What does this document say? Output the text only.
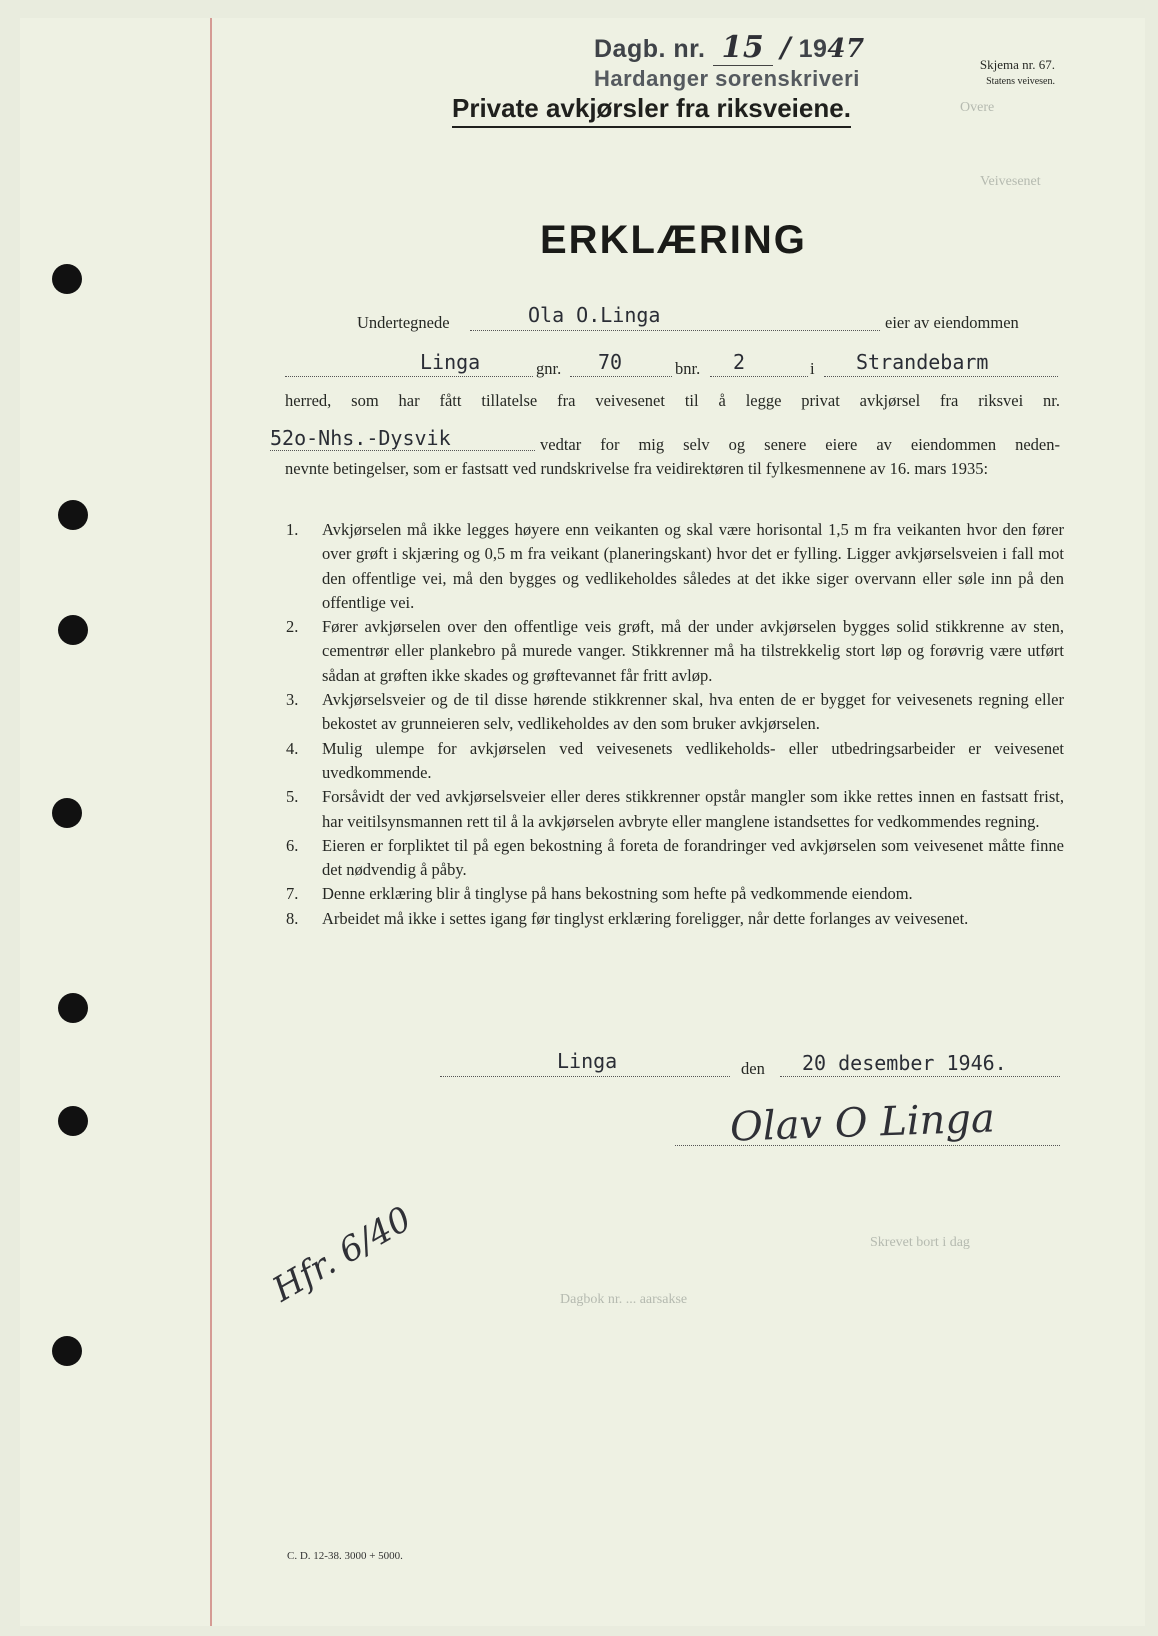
Dagb. nr. 15 / 1947
Hardanger sorenskriveri
Private avkjørsler fra riksveiene.
Skjema nr. 67.
Statens veivesen.
Overe
Veivesenet
ERKLÆRING
Undertegnede	Ola O.Linga	eier av eiendommen
Linga	gnr. 70	bnr. 2	i Strandebarm
herred, som har fått tillatelse fra veivesenet til å legge privat avkjørsel fra riksvei nr.
52o-Nhs.-Dysvik	vedtar for mig selv og senere eiere av eiendommen neden-
nevnte betingelser, som er fastsatt ved rundskrivelse fra veidirektøren til fylkesmennene av 16. mars 1935:
1.	Avkjørselen må ikke legges høyere enn veikanten og skal være horisontal 1,5 m fra veikanten hvor den fører over grøft i skjæring og 0,5 m fra veikant (planeringskant) hvor det er fylling. Ligger avkjørselsveien i fall mot den offentlige vei, må den bygges og vedlikeholdes således at det ikke siger overvann eller søle inn på den offentlige vei.
2.	Fører avkjørselen over den offentlige veis grøft, må der under avkjørselen bygges solid stikkrenne av sten, cementrør eller plankebro på murede vanger. Stikkrenner må ha tilstrekkelig stort løp og forøvrig være utført sådan at grøften ikke skades og grøftevannet får fritt avløp.
3.	Avkjørselsveier og de til disse hørende stikkrenner skal, hva enten de er bygget for veivesenets regning eller bekostet av grunneieren selv, vedlikeholdes av den som bruker avkjørselen.
4.	Mulig ulempe for avkjørselen ved veivesenets vedlikeholds- eller utbedringsarbeider er veivesenet uvedkommende.
5.	Forsåvidt der ved avkjørselsveier eller deres stikkrenner opstår mangler som ikke rettes innen en fastsatt frist, har veitilsynsmannen rett til å la avkjørselen avbryte eller manglene istandsettes for vedkommendes regning.
6.	Eieren er forpliktet til på egen bekostning å foreta de forandringer ved avkjørselen som veivesenet måtte finne det nødvendig å påby.
7.	Denne erklæring blir å tinglyse på hans bekostning som hefte på vedkommende eiendom.
8.	Arbeidet må ikke i settes igang før tinglyst erklæring foreligger, når dette forlanges av veivesenet.
Linga	den 20 desember 1946.
Olav O Linga
Hfr. 6/40	Skrevet bort i dag
Dagbok nr. ... aarsakse
C. D. 12-38. 3000 + 5000.
